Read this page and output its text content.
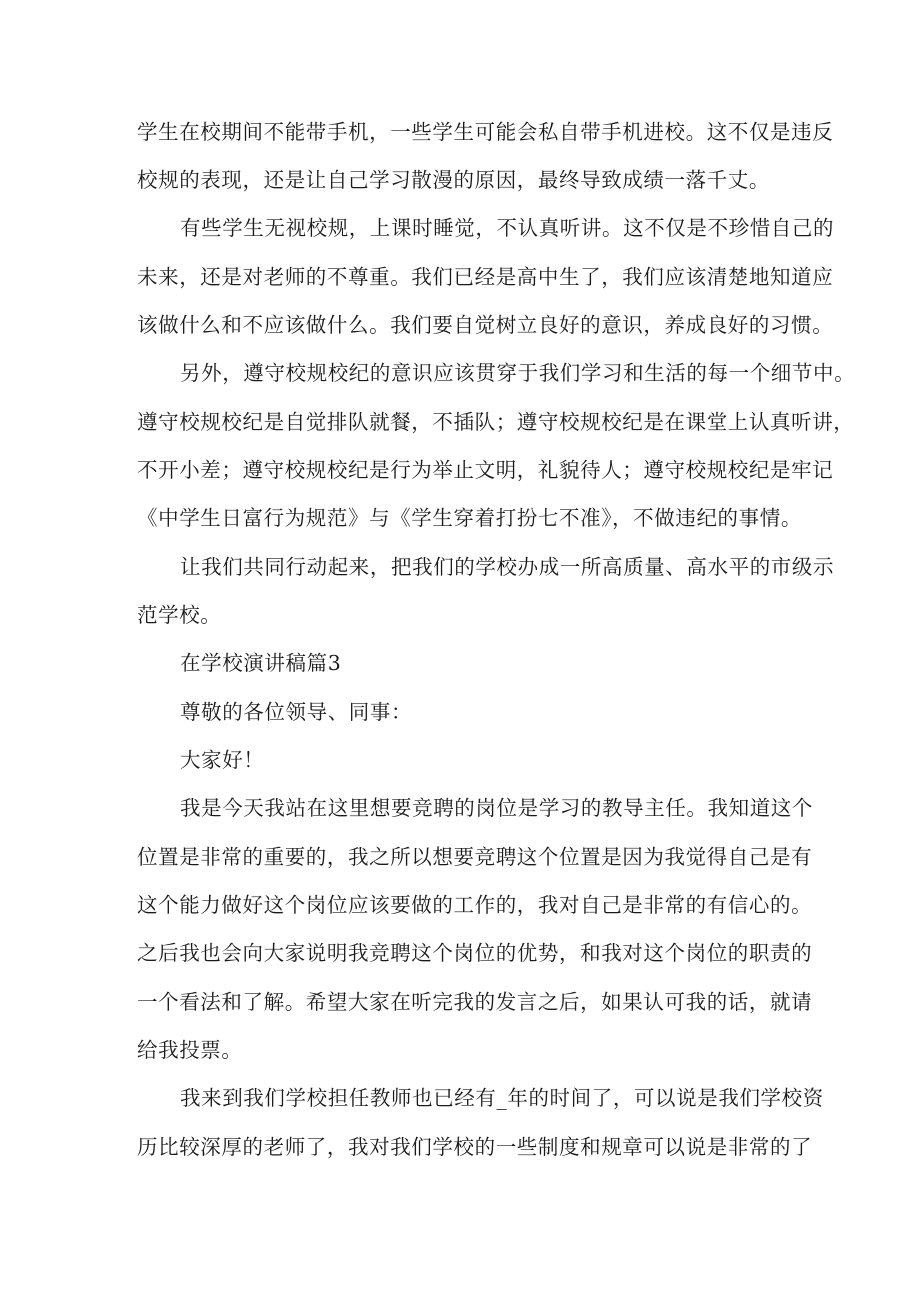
学生在校期间不能带手机，一些学生可能会私自带手机进校。这不仅是违反
校规的表现，还是让自己学习散漫的原因，最终导致成绩一落千丈。
有些学生无视校规，上课时睡觉，不认真听讲。这不仅是不珍惜自己的
未来，还是对老师的不尊重。我们已经是高中生了，我们应该清楚地知道应
该做什么和不应该做什么。我们要自觉树立良好的意识，养成良好的习惯。
另外，遵守校规校纪的意识应该贯穿于我们学习和生活的每一个细节中。
遵守校规校纪是自觉排队就餐，不插队；遵守校规校纪是在课堂上认真听讲，
不开小差；遵守校规校纪是行为举止文明，礼貌待人；遵守校规校纪是牢记
《中学生日富行为规范》与《学生穿着打扮七不准》，不做违纪的事情。
让我们共同行动起来，把我们的学校办成一所高质量、高水平的市级示
范学校。
在学校演讲稿篇3
尊敬的各位领导、同事：
大家好！
我是今天我站在这里想要竞聘的岗位是学习的教导主任。我知道这个
位置是非常的重要的，我之所以想要竞聘这个位置是因为我觉得自己是有
这个能力做好这个岗位应该要做的工作的，我对自己是非常的有信心的。
之后我也会向大家说明我竞聘这个岗位的优势，和我对这个岗位的职责的
一个看法和了解。希望大家在听完我的发言之后，如果认可我的话，就请
给我投票。
我来到我们学校担任教师也已经有_年的时间了，可以说是我们学校资
历比较深厚的老师了，我对我们学校的一些制度和规章可以说是非常的了
